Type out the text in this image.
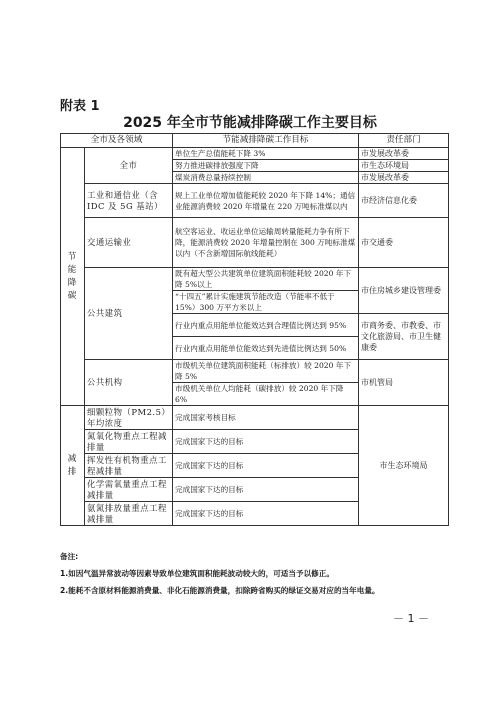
附表 1
2025 年全市节能减排降碳工作主要目标
全市及各领域		节能减排降碳工作目标	责任部门
节能降碳	全市	单位生产总值能耗下降 3%	市发展改革委
		努力推进碳排放强度下降	市生态环境局
		煤炭消费总量持续控制	市发展改革委
	工业和通信业（含 IDC 及 5G 基站）	规上工业单位增加值能耗较 2020 年下降 14%；通信业能源消费较 2020 年增量在 220 万吨标准煤以内	市经济信息化委
	交通运输业	航空客运业、收运业单位运输周转量能耗力争有所下降，能源消费较 2020 年增量控制在 300 万吨标准煤以内（不含新增国际航线能耗）	市交通委
	公共建筑	既有超大型公共建筑单位建筑面积能耗较 2020 年下降 5%以上	市住房城乡建设管理委
		“十四五”累计实施建筑节能改造（节能率不低于 15%）300 万平方米以上	
		行业内重点用能单位能效达到合理值比例达到 95%	市商务委、市教委、市文化旅游局、市卫生健康委
		行业内重点用能单位能效达到先进值比例达到 50%	
	公共机构	市级机关单位建筑面积能耗（标排放）较 2020 年下降 5%	市机管局
		市级机关单位人均能耗（碳排放）较 2020 年下降 6%	

减排	细颗粒物（PM2.5）年均浓度	完成国家考核目标	市生态环境局
	氮氧化物重点工程减排量	完成国家下达的目标	
	挥发性有机物重点工程减排量	完成国家下达的目标	
	化学需氧量重点工程减排量	完成国家下达的目标	
	氨氮排放量重点工程减排量	完成国家下达的目标	
备注:
1.如因气温异常波动等因素导致单位建筑面积能耗波动较大的，可适当予以修正。
2.能耗不含原材料能源消费量、非化石能源消费量，扣除跨省购买的绿证交易对应的当年电量。
－ 1 －
